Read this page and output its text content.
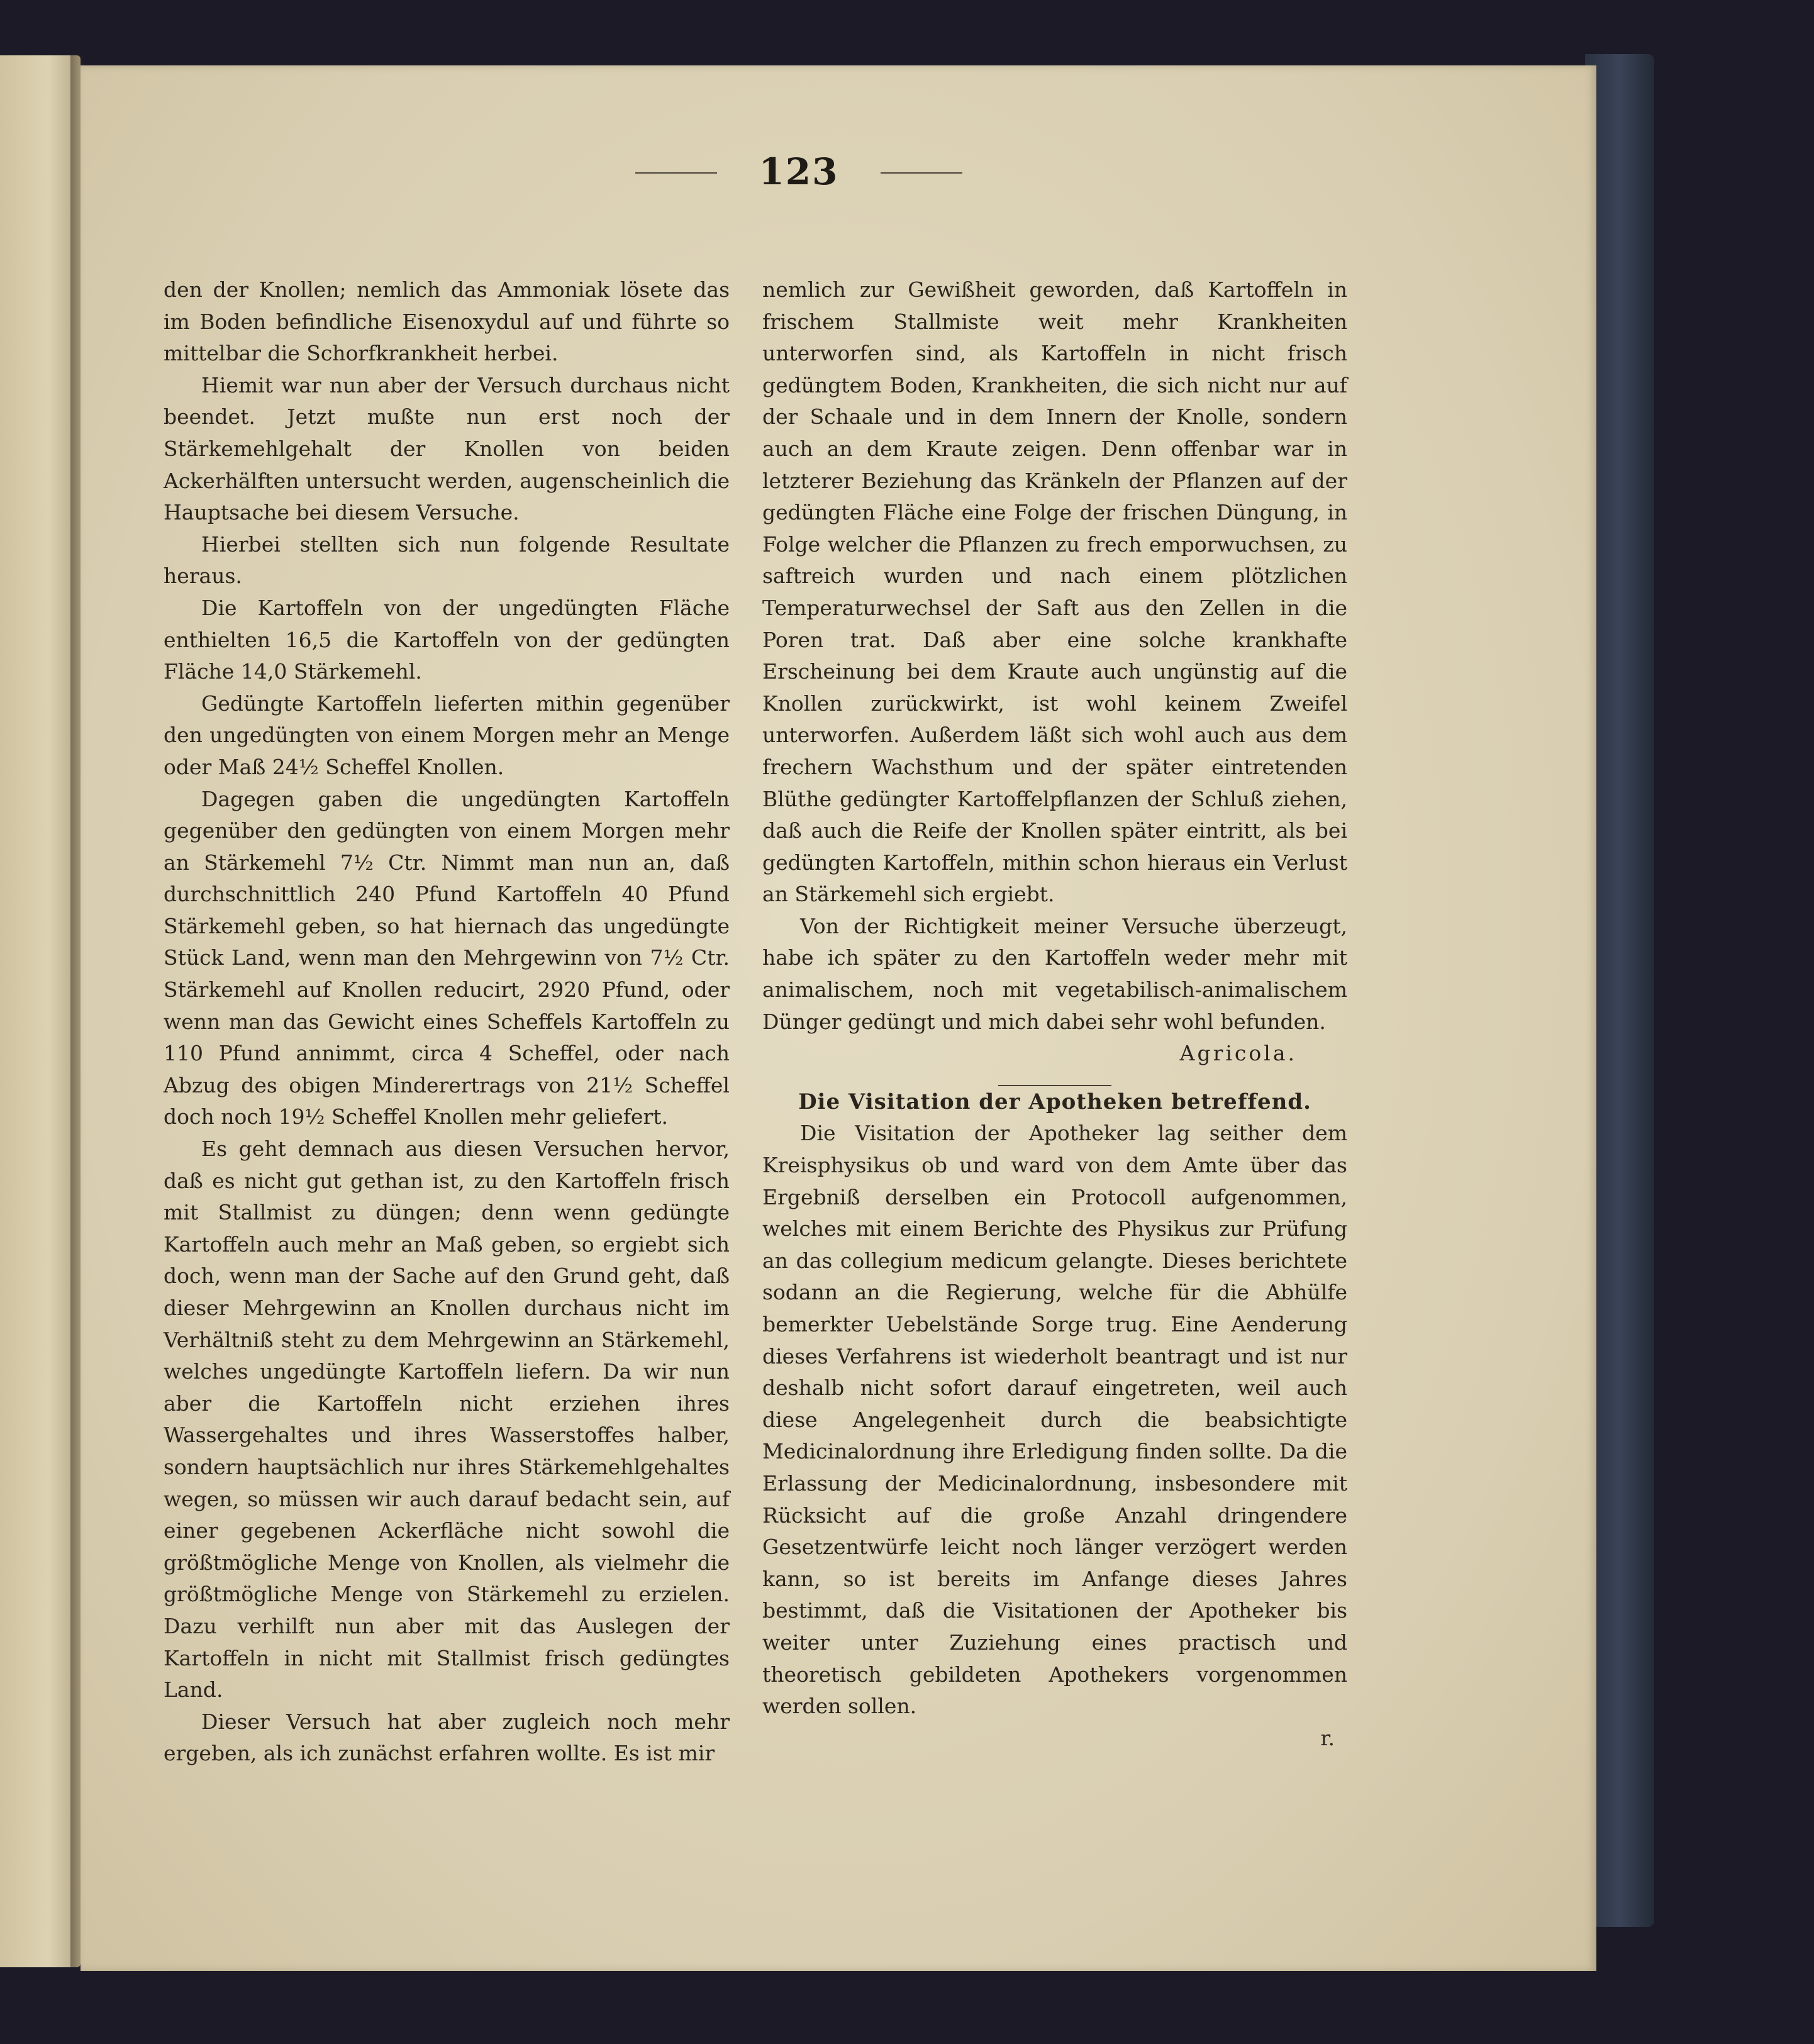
123

den der Knollen; nemlich das Ammoniak lösete das im Boden befindliche Eisenoxydul auf und führte so mittelbar die Schorfkrankheit herbei.

Hiemit war nun aber der Versuch durchaus nicht beendet. Jetzt mußte nun erst noch der Stärkemehlgehalt der Knollen von beiden Ackerhälften untersucht werden, augenscheinlich die Hauptsache bei diesem Versuche.

Hierbei stellten sich nun folgende Resultate heraus.

Die Kartoffeln von der ungedüngten Fläche enthielten 16,5 die Kartoffeln von der gedüngten Fläche 14,0 Stärkemehl.

Gedüngte Kartoffeln lieferten mithin gegenüber den ungedüngten von einem Morgen mehr an Menge oder Maß 24½ Scheffel Knollen.

Dagegen gaben die ungedüngten Kartoffeln gegenüber den gedüngten von einem Morgen mehr an Stärkemehl 7½ Ctr. Nimmt man nun an, daß durchschnittlich 240 Pfund Kartoffeln 40 Pfund Stärkemehl geben, so hat hiernach das ungedüngte Stück Land, wenn man den Mehrgewinn von 7½ Ctr. Stärkemehl auf Knollen reducirt, 2920 Pfund, oder wenn man das Gewicht eines Scheffels Kartoffeln zu 110 Pfund annimmt, circa 4 Scheffel, oder nach Abzug des obigen Minderertrags von 21½ Scheffel doch noch 19½ Scheffel Knollen mehr geliefert.

Es geht demnach aus diesen Versuchen hervor, daß es nicht gut gethan ist, zu den Kartoffeln frisch mit Stallmist zu düngen; denn wenn gedüngte Kartoffeln auch mehr an Maß geben, so ergiebt sich doch, wenn man der Sache auf den Grund geht, daß dieser Mehrgewinn an Knollen durchaus nicht im Verhältniß steht zu dem Mehrgewinn an Stärkemehl, welches ungedüngte Kartoffeln liefern. Da wir nun aber die Kartoffeln nicht erziehen ihres Wassergehaltes und ihres Wasserstoffes halber, sondern hauptsächlich nur ihres Stärkemehlgehaltes wegen, so müssen wir auch darauf bedacht sein, auf einer gegebenen Ackerfläche nicht sowohl die größtmögliche Menge von Knollen, als vielmehr die größtmögliche Menge von Stärkemehl zu erzielen. Dazu verhilft nun aber mit das Auslegen der Kartoffeln in nicht mit Stallmist frisch gedüngtes Land.

Dieser Versuch hat aber zugleich noch mehr ergeben, als ich zunächst erfahren wollte. Es ist mir

nemlich zur Gewißheit geworden, daß Kartoffeln in frischem Stallmiste weit mehr Krankheiten unterworfen sind, als Kartoffeln in nicht frisch gedüngtem Boden, Krankheiten, die sich nicht nur auf der Schaale und in dem Innern der Knolle, sondern auch an dem Kraute zeigen. Denn offenbar war in letzterer Beziehung das Kränkeln der Pflanzen auf der gedüngten Fläche eine Folge der frischen Düngung, in Folge welcher die Pflanzen zu frech emporwuchsen, zu saftreich wurden und nach einem plötzlichen Temperaturwechsel der Saft aus den Zellen in die Poren trat. Daß aber eine solche krankhafte Erscheinung bei dem Kraute auch ungünstig auf die Knollen zurückwirkt, ist wohl keinem Zweifel unterworfen. Außerdem läßt sich wohl auch aus dem frechern Wachsthum und der später eintretenden Blüthe gedüngter Kartoffelpflanzen der Schluß ziehen, daß auch die Reife der Knollen später eintritt, als bei gedüngten Kartoffeln, mithin schon hieraus ein Verlust an Stärkemehl sich ergiebt.

Von der Richtigkeit meiner Versuche überzeugt, habe ich später zu den Kartoffeln weder mehr mit animalischem, noch mit vegetabilisch-animalischem Dünger gedüngt und mich dabei sehr wohl befunden.

Agricola.

Die Visitation der Apotheken betreffend.

Die Visitation der Apotheker lag seither dem Kreisphysikus ob und ward von dem Amte über das Ergebniß derselben ein Protocoll aufgenommen, welches mit einem Berichte des Physikus zur Prüfung an das collegium medicum gelangte. Dieses berichtete sodann an die Regierung, welche für die Abhülfe bemerkter Uebelstände Sorge trug. Eine Aenderung dieses Verfahrens ist wiederholt beantragt und ist nur deshalb nicht sofort darauf eingetreten, weil auch diese Angelegenheit durch die beabsichtigte Medicinalordnung ihre Erledigung finden sollte. Da die Erlassung der Medicinalordnung, insbesondere mit Rücksicht auf die große Anzahl dringendere Gesetzentwürfe leicht noch länger verzögert werden kann, so ist bereits im Anfange dieses Jahres bestimmt, daß die Visitationen der Apotheker bis weiter unter Zuziehung eines practisch und theoretisch gebildeten Apothekers vorgenommen werden sollen.

r.
